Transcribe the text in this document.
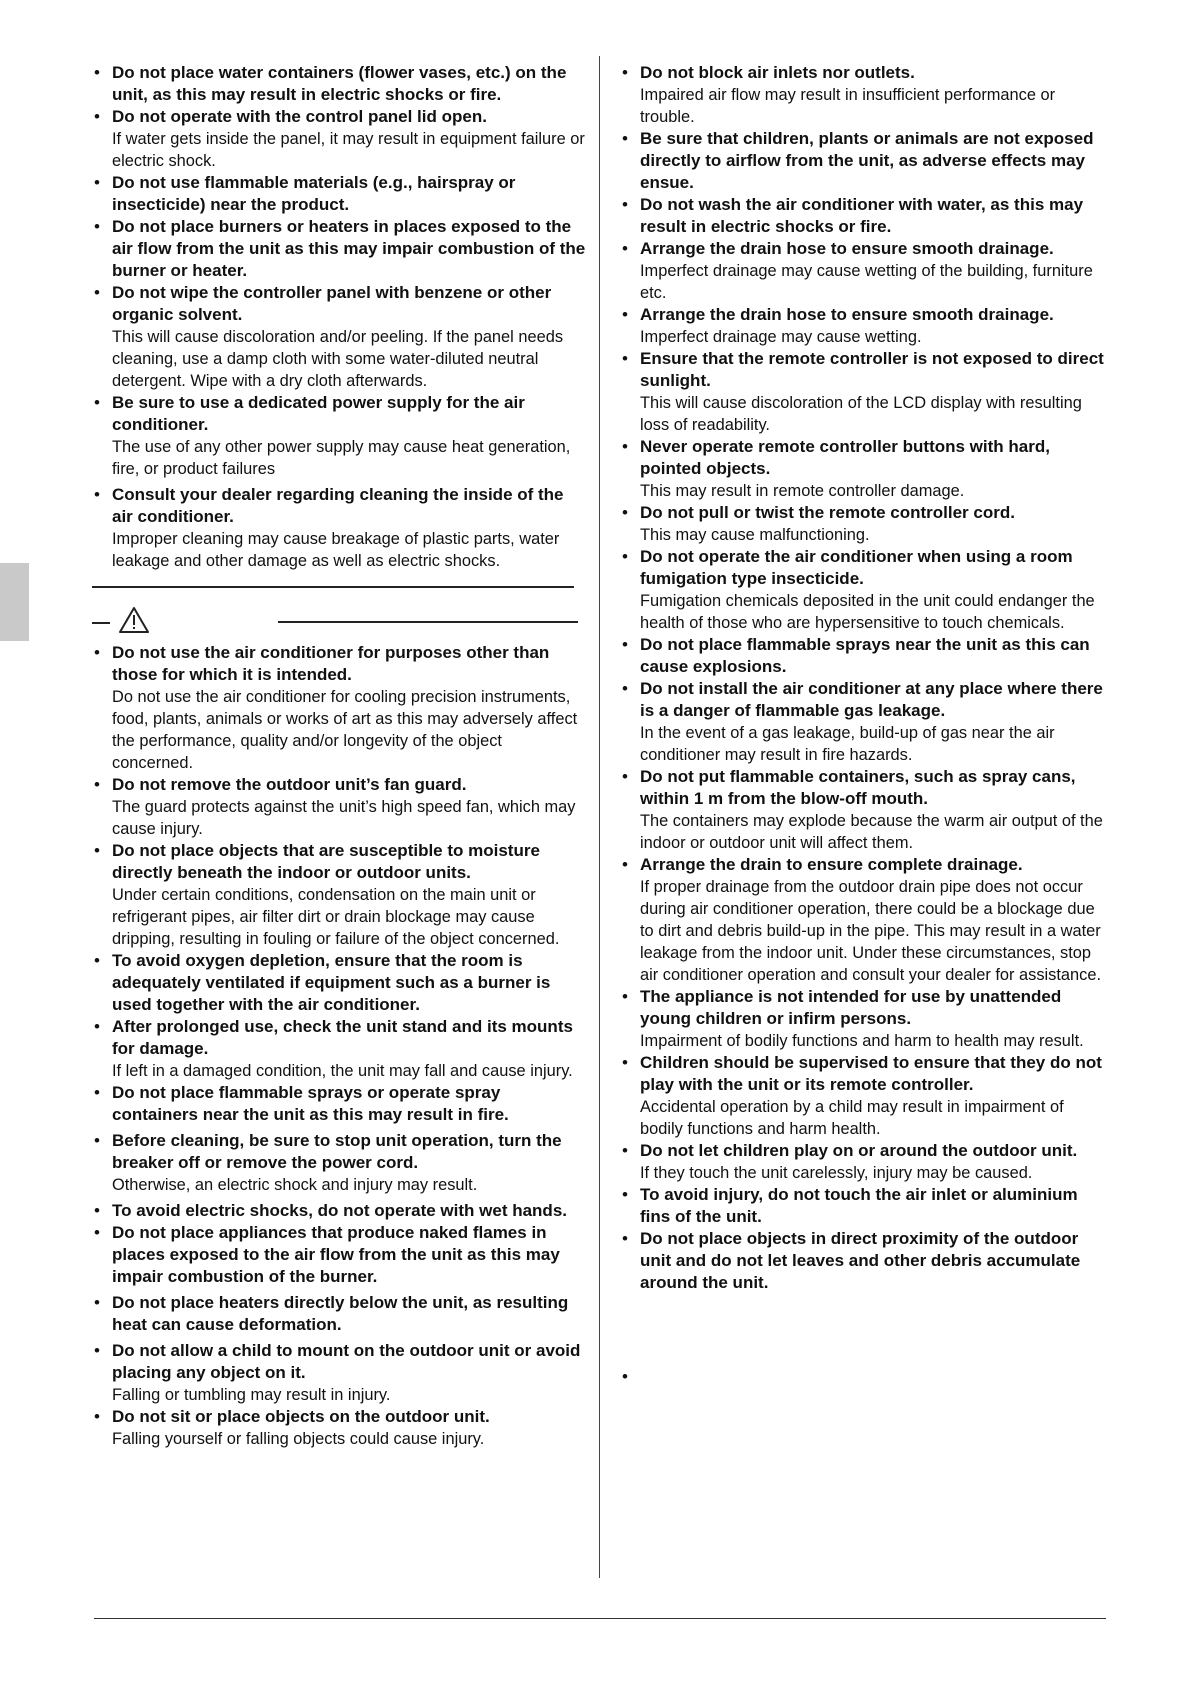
• Do not place water containers (flower vases, etc.) on the unit, as this may result in electric shocks or fire.
• Do not operate with the control panel lid open.
If water gets inside the panel, it may result in equipment failure or electric shock.
• Do not use flammable materials (e.g., hairspray or insecticide) near the product.
• Do not place burners or heaters in places exposed to the air flow from the unit as this may impair combustion of the burner or heater.
• Do not wipe the controller panel with benzene or other organic solvent.
This will cause discoloration and/or peeling. If the panel needs cleaning, use a damp cloth with some water-diluted neutral detergent. Wipe with a dry cloth afterwards.
• Be sure to use a dedicated power supply for the air conditioner.
The use of any other power supply may cause heat generation, fire, or product failures
• Consult your dealer regarding cleaning the inside of the air conditioner.
Improper cleaning may cause breakage of plastic parts, water leakage and other damage as well as electric shocks.
• Do not use the air conditioner for purposes other than those for which it is intended.
Do not use the air conditioner for cooling precision instruments, food, plants, animals or works of art as this may adversely affect the performance, quality and/or longevity of the object concerned.
• Do not remove the outdoor unit’s fan guard.
The guard protects against the unit’s high speed fan, which may cause injury.
• Do not place objects that are susceptible to moisture directly beneath the indoor or outdoor units.
Under certain conditions, condensation on the main unit or refrigerant pipes, air filter dirt or drain blockage may cause dripping, resulting in fouling or failure of the object concerned.
• To avoid oxygen depletion, ensure that the room is adequately ventilated if equipment such as a burner is used together with the air conditioner.
• After prolonged use, check the unit stand and its mounts for damage.
If left in a damaged condition, the unit may fall and cause injury.
• Do not place flammable sprays or operate spray containers near the unit as this may result in fire.
• Before cleaning, be sure to stop unit operation, turn the breaker off or remove the power cord.
Otherwise, an electric shock and injury may result.
• To avoid electric shocks, do not operate with wet hands.
• Do not place appliances that produce naked flames in places exposed to the air flow from the unit as this may impair combustion of the burner.
• Do not place heaters directly below the unit, as resulting heat can cause deformation.
• Do not allow a child to mount on the outdoor unit or avoid placing any object on it.
Falling or tumbling may result in injury.
• Do not sit or place objects on the outdoor unit.
Falling yourself or falling objects could cause injury.
• Do not block air inlets nor outlets.
Impaired air flow may result in insufficient performance or trouble.
• Be sure that children, plants or animals are not exposed directly to airflow from the unit, as adverse effects may ensue.
• Do not wash the air conditioner with water, as this may result in electric shocks or fire.
• Arrange the drain hose to ensure smooth drainage.
Imperfect drainage may cause wetting of the building, furniture etc.
• Arrange the drain hose to ensure smooth drainage.
Imperfect drainage may cause wetting.
• Ensure that the remote controller is not exposed to direct sunlight.
This will cause discoloration of the LCD display with resulting loss of readability.
• Never operate remote controller buttons with hard, pointed objects.
This may result in remote controller damage.
• Do not pull or twist the remote controller cord.
This may cause malfunctioning.
• Do not operate the air conditioner when using a room fumigation type insecticide.
Fumigation chemicals deposited in the unit could endanger the health of those who are hypersensitive to touch chemicals.
• Do not place flammable sprays near the unit as this can cause explosions.
• Do not install the air conditioner at any place where there is a danger of flammable gas leakage.
In the event of a gas leakage, build-up of gas near the air conditioner may result in fire hazards.
• Do not put flammable containers, such as spray cans, within 1 m from the blow-off mouth.
The containers may explode because the warm air output of the indoor or outdoor unit will affect them.
• Arrange the drain to ensure complete drainage.
If proper drainage from the outdoor drain pipe does not occur during air conditioner operation, there could be a blockage due to dirt and debris build-up in the pipe. This may result in a water leakage from the indoor unit. Under these circumstances, stop air conditioner operation and consult your dealer for assistance.
• The appliance is not intended for use by unattended young children or infirm persons.
Impairment of bodily functions and harm to health may result.
• Children should be supervised to ensure that they do not play with the unit or its remote controller.
Accidental operation by a child may result in impairment of bodily functions and harm health.
• Do not let children play on or around the outdoor unit.
If they touch the unit carelessly, injury may be caused.
• To avoid injury, do not touch the air inlet or aluminium fins of the unit.
• Do not place objects in direct proximity of the outdoor unit and do not let leaves and other debris accumulate around the unit.
•
